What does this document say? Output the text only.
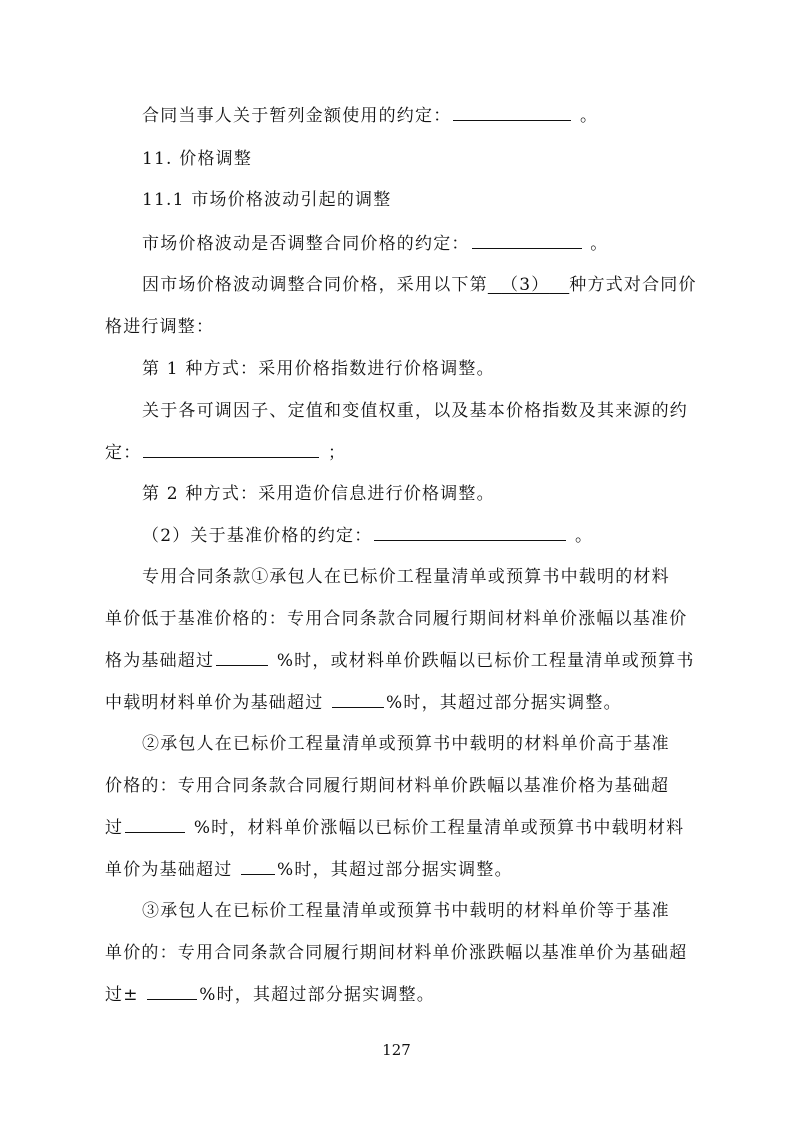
合同当事人关于暂列金额使用的约定：	。
11. 价格调整
11.1 市场价格波动引起的调整
市场价格波动是否调整合同价格的约定：	。
因市场价格波动调整合同价格，采用以下第 （3） 种方式对合同价
格进行调整：
第 1 种方式：采用价格指数进行价格调整。
关于各可调因子、定值和变值权重，以及基本价格指数及其来源的约
定：	；
第 2 种方式：采用造价信息进行价格调整。
（2）关于基准价格的约定：	。
专用合同条款①承包人在已标价工程量清单或预算书中载明的材料
单价低于基准价格的：专用合同条款合同履行期间材料单价涨幅以基准价
格为基础超过	%时，或材料单价跌幅以已标价工程量清单或预算书
中载明材料单价为基础超过	%时，其超过部分据实调整。
②承包人在已标价工程量清单或预算书中载明的材料单价高于基准
价格的：专用合同条款合同履行期间材料单价跌幅以基准价格为基础超
过	%时，材料单价涨幅以已标价工程量清单或预算书中载明材料
单价为基础超过 %时，其超过部分据实调整。
③承包人在已标价工程量清单或预算书中载明的材料单价等于基准
单价的：专用合同条款合同履行期间材料单价涨跌幅以基准单价为基础超
过±	%时，其超过部分据实调整。
127
